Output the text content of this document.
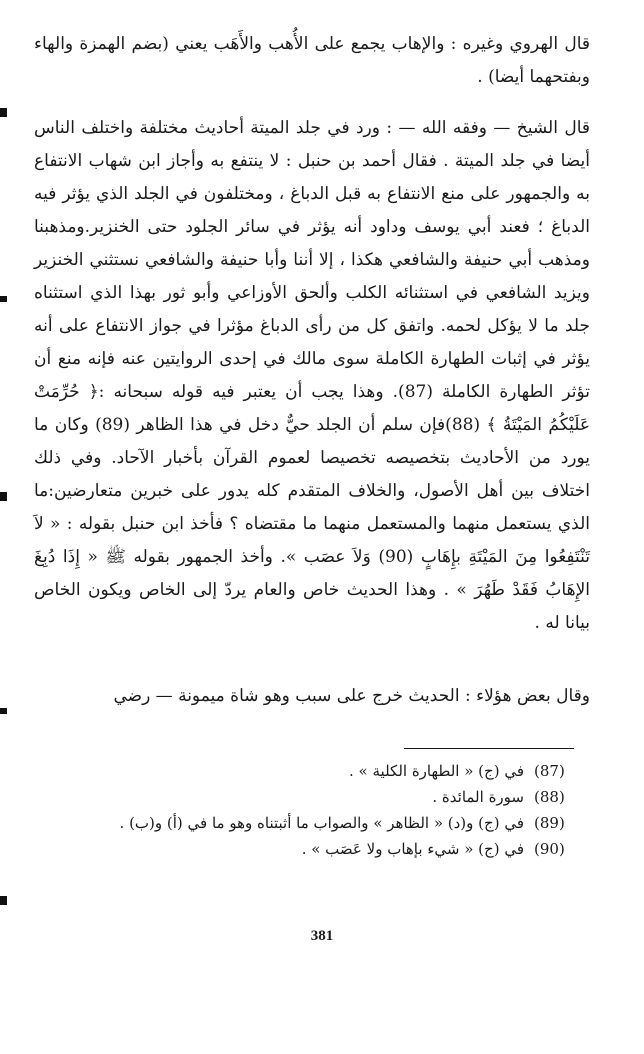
قال الهروي وغيره : والإهاب يجمع على الأُهب والأَهَب يعني (بضم الهمزة والهاء وبفتحهما أيضا) .

قال الشيخ — وفقه الله — : ورد في جلد الميتة أحاديث مختلفة واختلف الناس أيضا في جلد الميتة . فقال أحمد بن حنبل : لا ينتفع به وأجاز ابن شهاب الانتفاع به والجمهور على منع الانتفاع به قبل الدباغ ، ومختلفون في الجلد الذي يؤثر فيه الدباغ ؛ فعند أبي يوسف وداود أنه يؤثر في سائر الجلود حتى الخنزير.ومذهبنا ومذهب أبي حنيفة والشافعي هكذا ، إلا أننا وأبا حنيفة والشافعي نستثني الخنزير ويزيد الشافعي في استثنائه الكلب وألحق الأوزاعي وأبو ثور بهذا الذي استثناه جلد ما لا يؤكل لحمه. واتفق كل من رأى الدباغ مؤثرا في جواز الانتفاع على أنه يؤثر في إثبات الطهارة الكاملة سوى مالك في إحدى الروايتين عنه فإنه منع أن تؤثر الطهارة الكاملة (87). وهذا يجب أن يعتبر فيه قوله سبحانه :﴿ حُرِّمَتْ عَلَيْكُمُ المَيْتَةُ ﴾ (88)فإن سلم أن الجلد حيٌّ دخل في هذا الظاهر (89) وكان ما يورد من الأحاديث بتخصيصه تخصيصا لعموم القرآن بأخبار الآحاد. وفي ذلك اختلاف بين أهل الأصول، والخلاف المتقدم كله يدور على خبرين متعارضين:ما الذي يستعمل منهما والمستعمل منهما ما مقتضاه ؟ فأخذ ابن حنبل بقوله : « لاَ تَنْتَفِعُوا مِنَ المَيْتَةِ بإِهَابٍ (90) وَلاَ عصَب ». وأخذ الجمهور بقوله ﷺ « إِذَا دُبِغَ الإِهَابُ فَقَدْ طَهُرَ » . وهذا الحديث خاص والعام يردّ إلى الخاص ويكون الخاص بيانا له .

وقال بعض هؤلاء : الحديث خرج على سبب وهو شاة ميمونة — رضي

(87)
في (ج) « الطهارة الكلية » .
(88)
سورة المائدة .
(89)
في (ج) و(د) « الظاهر » والصواب ما أثبتناه وهو ما في (أ) و(ب) .
(90)
في (ج) « شيء بإهاب ولا عَصَب » .
381
